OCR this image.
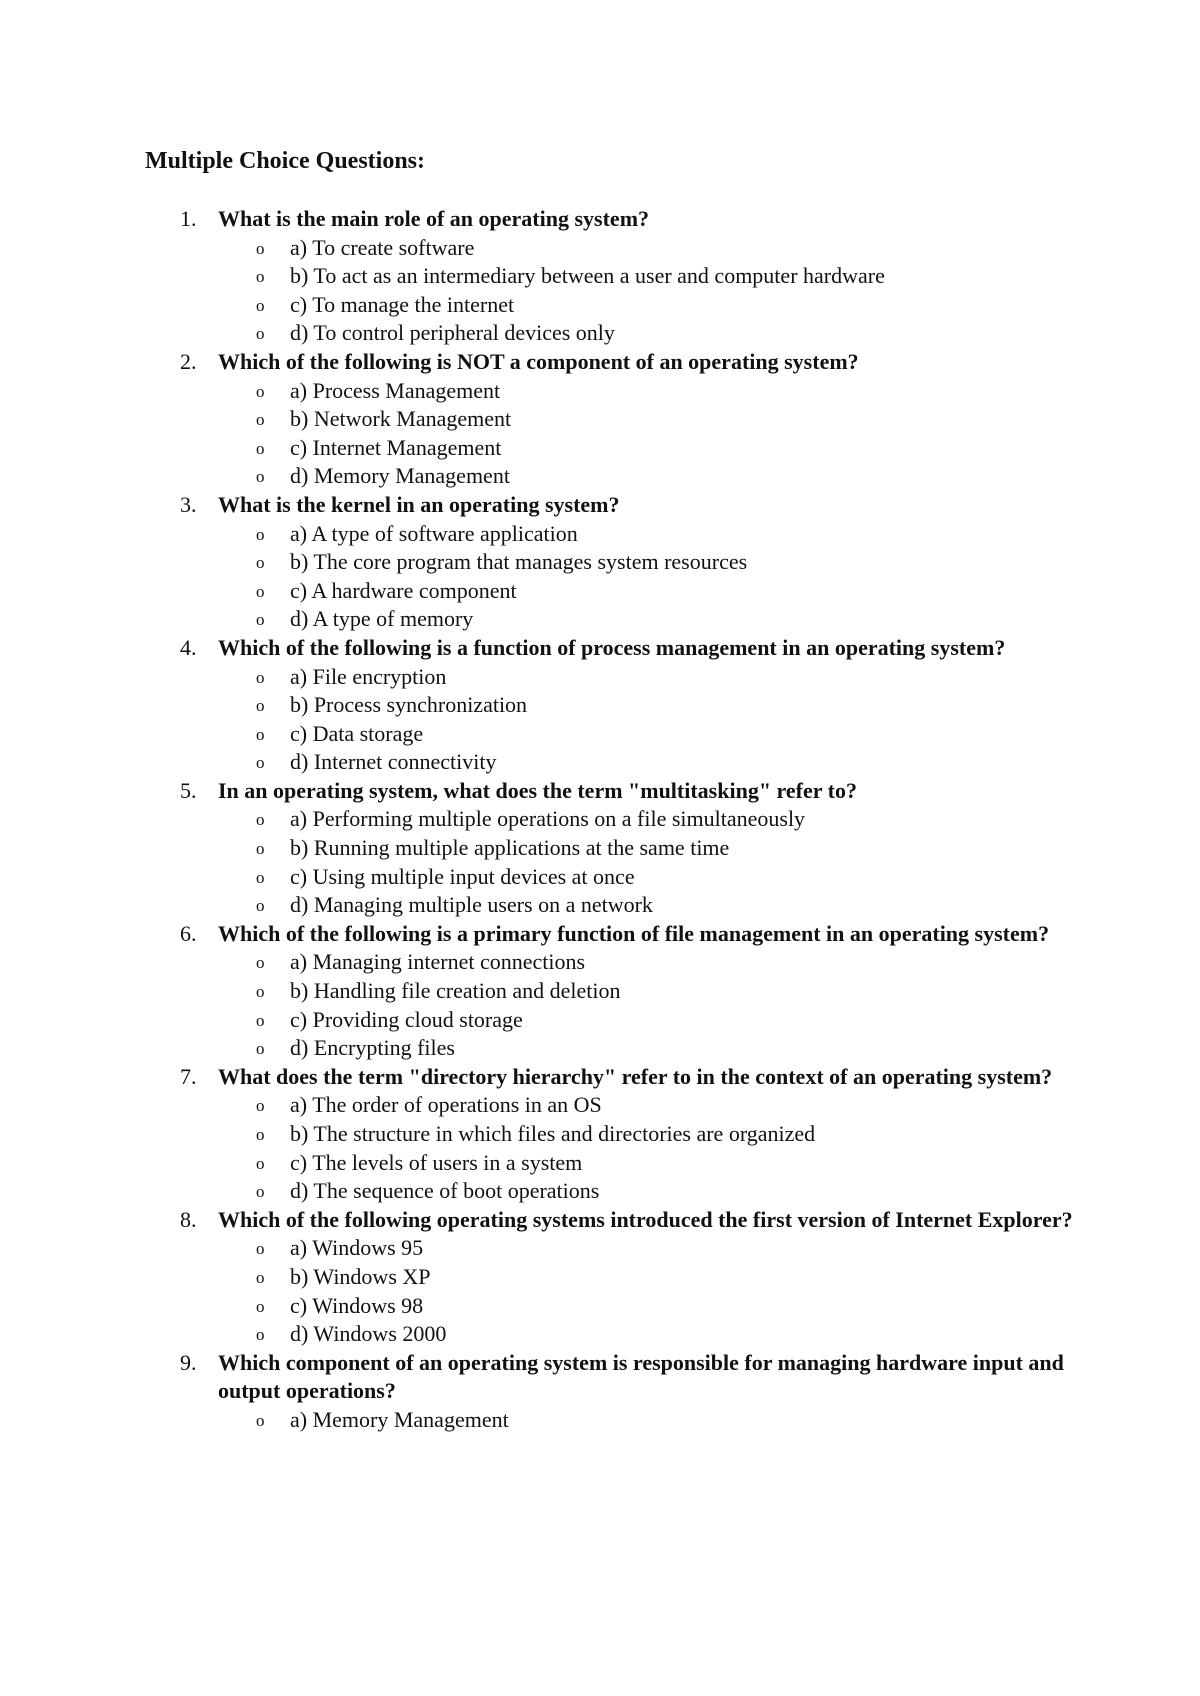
Multiple Choice Questions:
1. What is the main role of an operating system?
o a) To create software
o b) To act as an intermediary between a user and computer hardware
o c) To manage the internet
o d) To control peripheral devices only
2. Which of the following is NOT a component of an operating system?
o a) Process Management
o b) Network Management
o c) Internet Management
o d) Memory Management
3. What is the kernel in an operating system?
o a) A type of software application
o b) The core program that manages system resources
o c) A hardware component
o d) A type of memory
4. Which of the following is a function of process management in an operating system?
o a) File encryption
o b) Process synchronization
o c) Data storage
o d) Internet connectivity
5. In an operating system, what does the term "multitasking" refer to?
o a) Performing multiple operations on a file simultaneously
o b) Running multiple applications at the same time
o c) Using multiple input devices at once
o d) Managing multiple users on a network
6. Which of the following is a primary function of file management in an operating system?
o a) Managing internet connections
o b) Handling file creation and deletion
o c) Providing cloud storage
o d) Encrypting files
7. What does the term "directory hierarchy" refer to in the context of an operating system?
o a) The order of operations in an OS
o b) The structure in which files and directories are organized
o c) The levels of users in a system
o d) The sequence of boot operations
8. Which of the following operating systems introduced the first version of Internet Explorer?
o a) Windows 95
o b) Windows XP
o c) Windows 98
o d) Windows 2000
9. Which component of an operating system is responsible for managing hardware input and output operations?
o a) Memory Management
